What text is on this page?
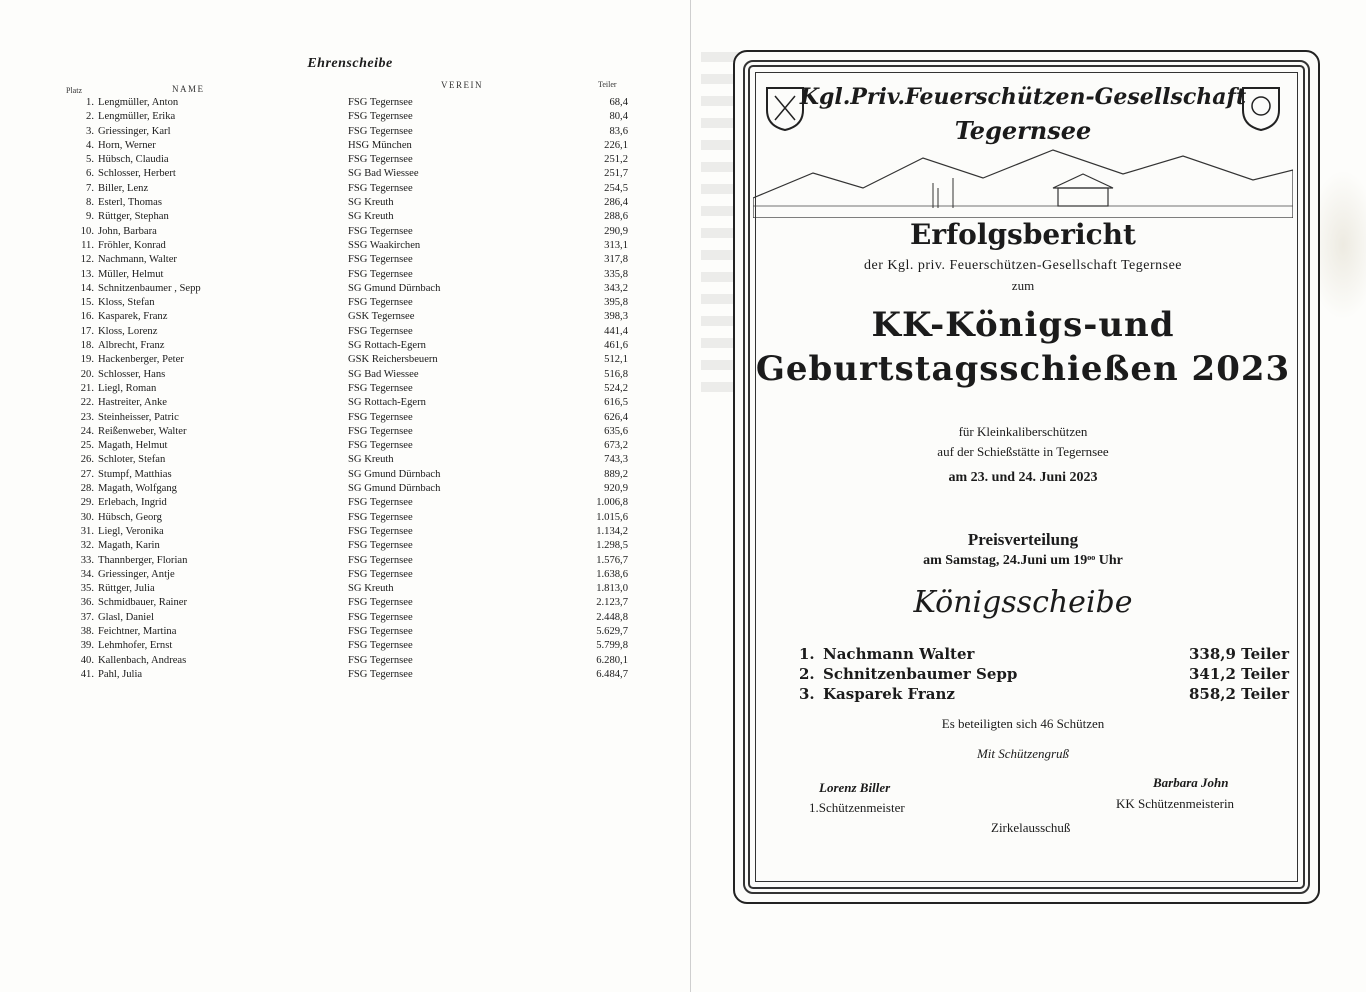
Ehrenscheibe
Platz	NAME	VEREIN	Teiler
1. Lengmüller, Anton	FSG Tegernsee	68,4
2. Lengmüller, Erika	FSG Tegernsee	80,4
3. Griessinger, Karl	FSG Tegernsee	83,6
4. Horn, Werner	HSG München	226,1
5. Hübsch, Claudia	FSG Tegernsee	251,2
6. Schlosser, Herbert	SG Bad Wiessee	251,7
7. Biller, Lenz	FSG Tegernsee	254,5
8. Esterl, Thomas	SG Kreuth	286,4
9. Rüttger, Stephan	SG Kreuth	288,6
10. John, Barbara	FSG Tegernsee	290,9
11. Fröhler, Konrad	SSG Waakirchen	313,1
12. Nachmann, Walter	FSG Tegernsee	317,8
13. Müller, Helmut	FSG Tegernsee	335,8
14. Schnitzenbaumer , Sepp	SG Gmund Dürnbach	343,2
15. Kloss, Stefan	FSG Tegernsee	395,8
16. Kasparek, Franz	GSK Tegernsee	398,3
17. Kloss, Lorenz	FSG Tegernsee	441,4
18. Albrecht, Franz	SG Rottach-Egern	461,6
19. Hackenberger, Peter	GSK Reichersbeuern	512,1
20. Schlosser, Hans	SG Bad Wiessee	516,8
21. Liegl, Roman	FSG Tegernsee	524,2
22. Hastreiter, Anke	SG Rottach-Egern	616,5
23. Steinheisser, Patric	FSG Tegernsee	626,4
24. Reißenweber, Walter	FSG Tegernsee	635,6
25. Magath, Helmut	FSG Tegernsee	673,2
26. Schloter, Stefan	SG Kreuth	743,3
27. Stumpf, Matthias	SG Gmund Dürnbach	889,2
28. Magath, Wolfgang	SG Gmund Dürnbach	920,9
29. Erlebach, Ingrid	FSG Tegernsee	1.006,8
30. Hübsch, Georg	FSG Tegernsee	1.015,6
31. Liegl, Veronika	FSG Tegernsee	1.134,2
32. Magath, Karin	FSG Tegernsee	1.298,5
33. Thannberger, Florian	FSG Tegernsee	1.576,7
34. Griessinger, Antje	FSG Tegernsee	1.638,6
35. Rüttger, Julia	SG Kreuth	1.813,0
36. Schmidbauer, Rainer	FSG Tegernsee	2.123,7
37. Glasl, Daniel	FSG Tegernsee	2.448,8
38. Feichtner, Martina	FSG Tegernsee	5.629,7
39. Lehmhofer, Ernst	FSG Tegernsee	5.799,8
40. Kallenbach, Andreas	FSG Tegernsee	6.280,1
41. Pahl, Julia	FSG Tegernsee	6.484,7
Kgl.Priv.Feuerschützen-Gesellschaft
Tegernsee
Erfolgsbericht
der Kgl. priv. Feuerschützen-Gesellschaft Tegernsee
zum
KK-Königs-und
Geburtstagsschießen 2023
für Kleinkaliberschützen
auf der Schießstätte in Tegernsee
am 23. und 24. Juni 2023
Preisverteilung
am Samstag, 24.Juni um 19ᵒᵒ Uhr
Königsscheibe
1. Nachmann Walter	338,9 Teiler
2. Schnitzenbaumer Sepp	341,2 Teiler
3. Kasparek Franz	858,2 Teiler
Es beteiligten sich 46 Schützen
Mit Schützengruß
Lorenz Biller
1.Schützenmeister
Barbara John
KK Schützenmeisterin
Zirkelausschuß
